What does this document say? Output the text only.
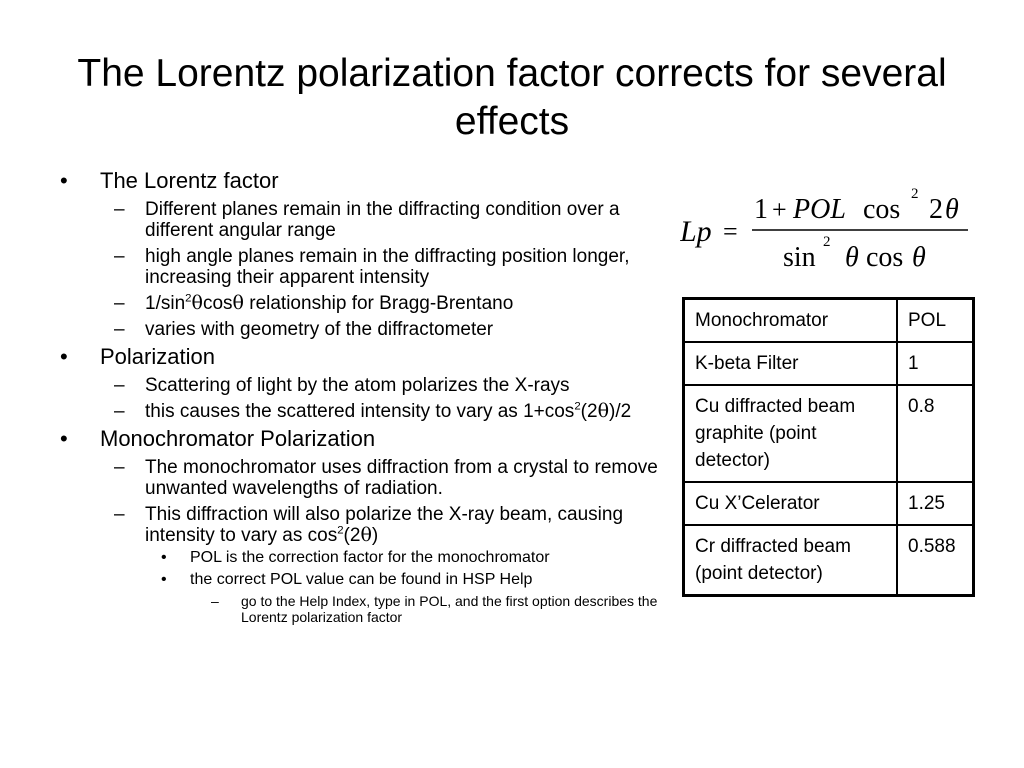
The Lorentz polarization factor corrects for several effects
• The Lorentz factor
– Different planes remain in the diffracting condition over a different angular range
– high angle planes remain in the diffracting position longer, increasing their apparent intensity
– $1/\sin^2\theta\cos\theta$ relationship for Bragg-Brentano
– varies with geometry of the diffractometer
• Polarization
– Scattering of light by the atom polarizes the X-rays
– this causes the scattered intensity to vary as $1+\cos^2(2\theta)/2$
• Monochromator Polarization
– The monochromator uses diffraction from a crystal to remove unwanted wavelengths of radiation.
– This diffraction will also polarize the X-ray beam, causing intensity to vary as $\cos^2(2\theta)$
• POL is the correction factor for the monochromator
• the correct POL value can be found in HSP Help
– go to the Help Index, type in POL, and the first option describes the Lorentz polarization factor
Lp =
1 + POL cos 2 2 θ
sin 2 θ cos θ
Monochromator	POL
K-beta Filter	1
Cu diffracted beam graphite (point detector)	0.8
Cu X’Celerator	1.25
Cr diffracted beam (point detector)	0.588
